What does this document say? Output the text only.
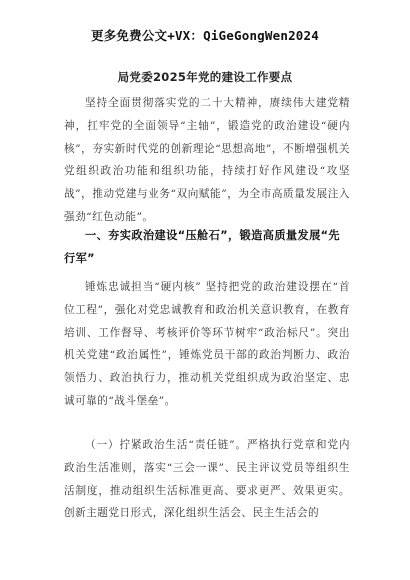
更多免费公文+VX：QiGeGongWen2024
局党委2025年党的建设工作要点
坚持全面贯彻落实党的二十大精神，赓续伟大建党精神，扛牢党的全面领导“主轴”，锻造党的政治建设“硬内核”，夯实新时代党的创新理论“思想高地”，不断增强机关党组织政治功能和组织功能，持续打好作风建设“攻坚战”，推动党建与业务“双向赋能”，为全市高质量发展注入强劲“红色动能”。
一、夯实政治建设“压舱石”，锻造高质量发展“先行军”
锤炼忠诚担当“硬内核” 坚持把党的政治建设摆在“首位工程”，强化对党忠诚教育和政治机关意识教育，在教育培训、工作督导、考核评价等环节树牢“政治标尺”。突出机关党建“政治属性”，锤炼党员干部的政治判断力、政治领悟力、政治执行力，推动机关党组织成为政治坚定、忠诚可靠的“战斗堡垒”。
（一）拧紧政治生活“责任链”。严格执行党章和党内政治生活准则，落实“三会一课”、民主评议党员等组织生活制度，推动组织生活标准更高、要求更严、效果更实。创新主题党日形式，深化组织生活会、民主生活会的
